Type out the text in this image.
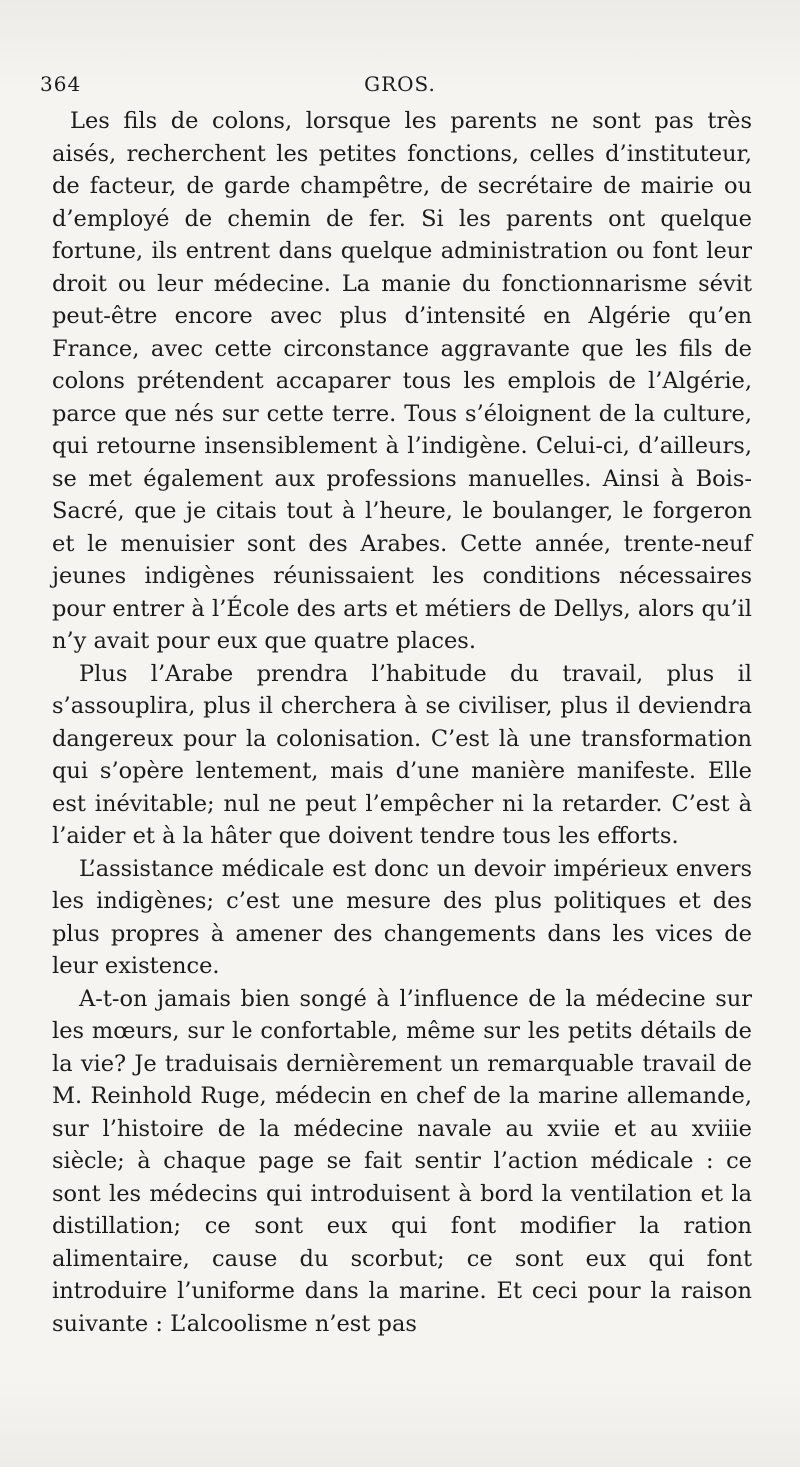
364	GROS.

Les fils de colons, lorsque les parents ne sont pas très aisés, recherchent les petites fonctions, celles d’instituteur, de facteur, de garde champêtre, de secrétaire de mairie ou d’employé de chemin de fer. Si les parents ont quelque fortune, ils entrent dans quelque administration ou font leur droit ou leur médecine. La manie du fonctionnarisme sévit peut-être encore avec plus d’intensité en Algérie qu’en France, avec cette circonstance aggravante que les fils de colons prétendent accaparer tous les emplois de l’Algérie, parce que nés sur cette terre. Tous s’éloignent de la culture, qui retourne insensiblement à l’indigène. Celui-ci, d’ailleurs, se met également aux professions manuelles. Ainsi à Bois-Sacré, que je citais tout à l’heure, le boulanger, le forgeron et le menuisier sont des Arabes. Cette année, trente-neuf jeunes indigènes réunissaient les conditions nécessaires pour entrer à l’École des arts et métiers de Dellys, alors qu’il n’y avait pour eux que quatre places.

Plus l’Arabe prendra l’habitude du travail, plus il s’assouplira, plus il cherchera à se civiliser, plus il deviendra dangereux pour la colonisation. C’est là une transformation qui s’opère lentement, mais d’une manière manifeste. Elle est inévitable; nul ne peut l’empêcher ni la retarder. C’est à l’aider et à la hâter que doivent tendre tous les efforts.

L’assistance médicale est donc un devoir impérieux envers les indigènes; c’est une mesure des plus politiques et des plus propres à amener des changements dans les vices de leur existence.

A-t-on jamais bien songé à l’influence de la médecine sur les mœurs, sur le confortable, même sur les petits détails de la vie? Je traduisais dernièrement un remarquable travail de M. Reinhold Ruge, médecin en chef de la marine allemande, sur l’histoire de la médecine navale au xviie et au xviiie siècle; à chaque page se fait sentir l’action médicale : ce sont les médecins qui introduisent à bord la ventilation et la distillation; ce sont eux qui font modifier la ration alimentaire, cause du scorbut; ce sont eux qui font introduire l’uniforme dans la marine. Et ceci pour la raison suivante : L’alcoolisme n’est pas
